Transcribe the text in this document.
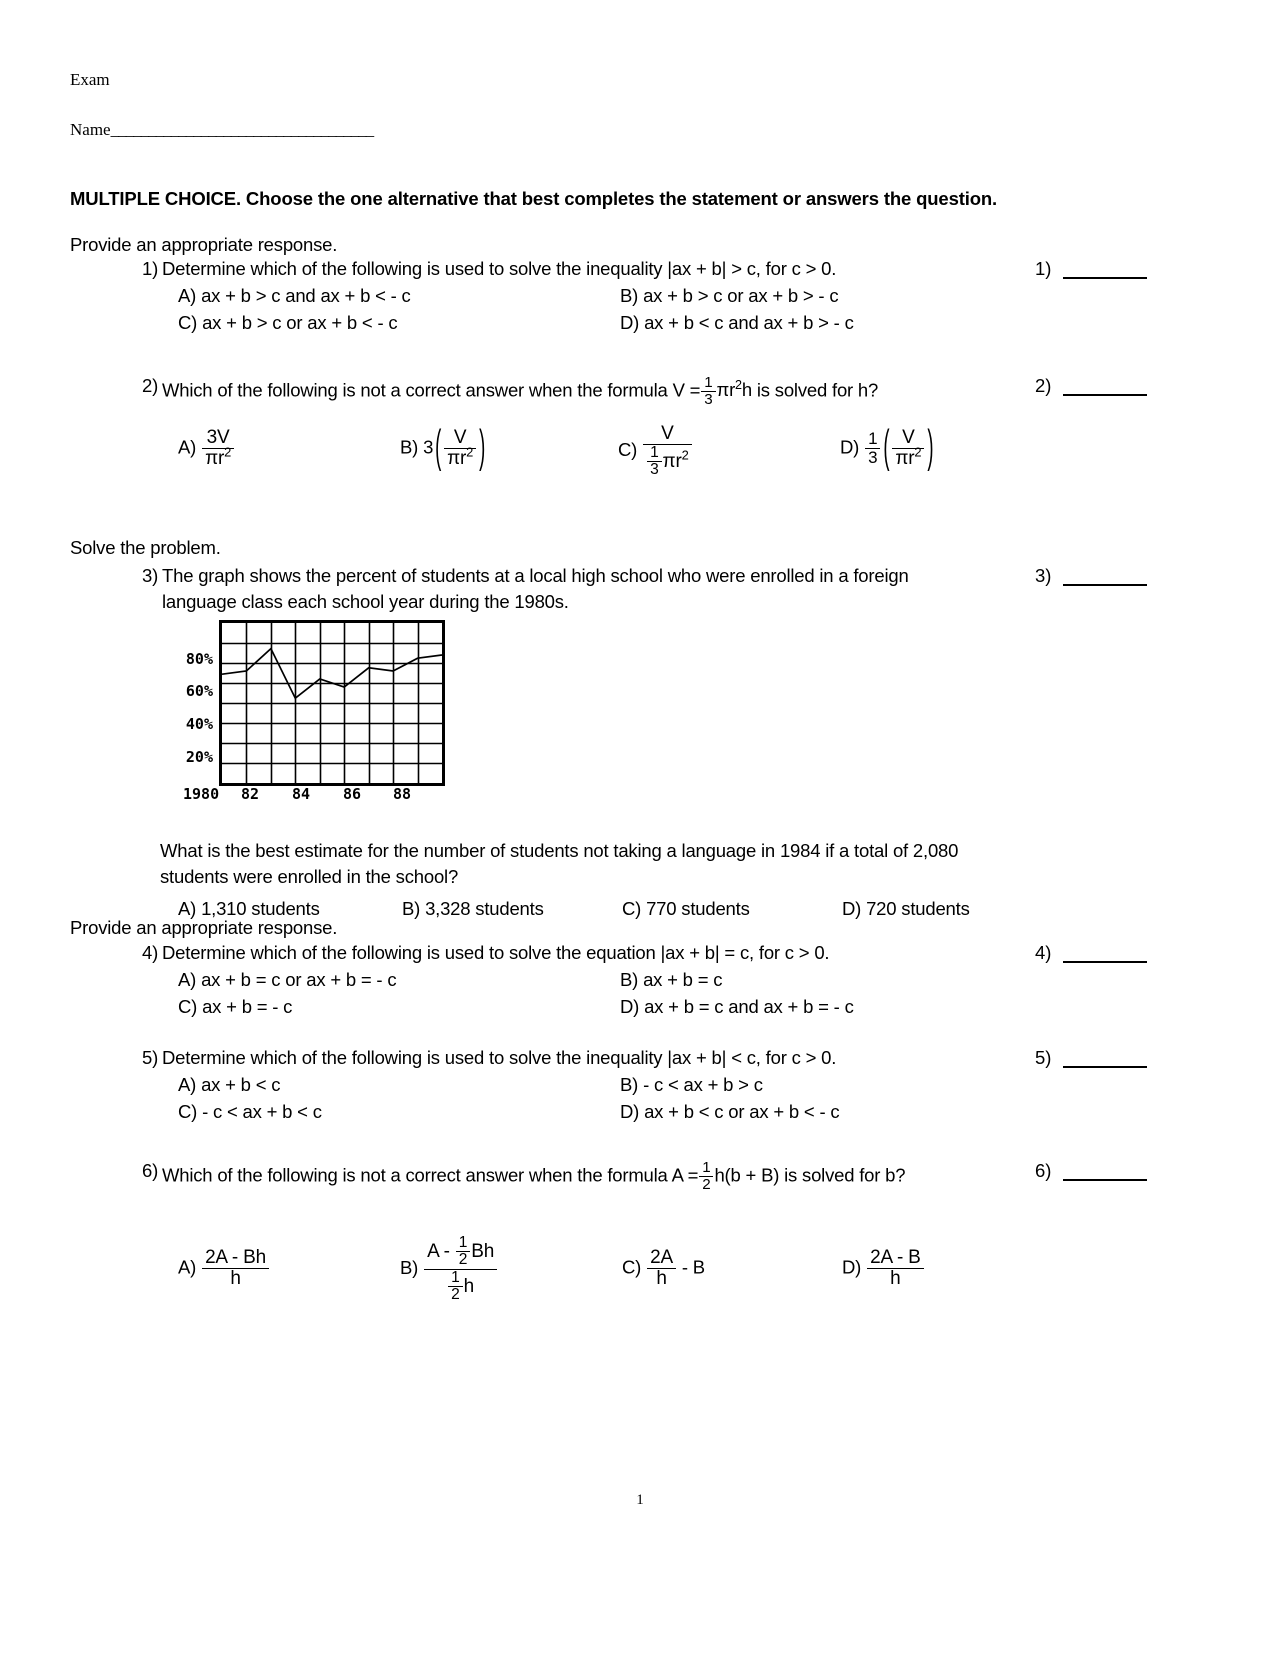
Exam
Name___________________________________
MULTIPLE CHOICE. Choose the one alternative that best completes the statement or answers the question.
Provide an appropriate response.
1) Determine which of the following is used to solve the inequality |ax + b| > c, for c > 0.
A) ax + b > c and ax + b < - c	B) ax + b > c or ax + b > - c
C) ax + b > c or ax + b < - c	D) ax + b < c and ax + b > - c
1)
2) Which of the following is not a correct answer when the formula $V = \frac{1}{3} \pi r^2h$ is solved for h?	2)
$A) \frac{3V}{\pi r^2}$	B) 3 ( $\frac{V}{\pi r^2}$ )	$C) \frac{V}{\frac{1}{3} \pi r^2}$	$D) \frac{1}{3}$ ( $\frac{V}{\pi r^2}$ )
Solve the problem.
3) The graph shows the percent of students at a local high school who were enrolled in a foreign
language class each school year during the 1980s.
3)
80%
60%
40%
20%
1980 82 84 86 88
What is the best estimate for the number of students not taking a language in 1984 if a total of 2,080
students were enrolled in the school?
A) 1,310 students	B) 3,328 students	C) 770 students	D) 720 students
Provide an appropriate response.
4) Determine which of the following is used to solve the equation |ax + b| = c, for c > 0.
A) ax + b = c or ax + b = - c	B) ax + b = c
C) ax + b = - c	D) ax + b = c and ax + b = - c
4)
5) Determine which of the following is used to solve the inequality |ax + b| < c, for c > 0.
A) ax + b < c	B) - c < ax + b > c
C) - c < ax + b < c	D) ax + b < c or ax + b < - c
5)
6) Which of the following is not a correct answer when the formula $A = \frac{1}{2} h(b + B)$ is solved for b?	6)
$A) \frac{2A - Bh}{h}$	$B) \frac{A - \frac{1}{2} Bh}{\frac{1}{2} h}$	$C) \frac{2A}{h}$ - B	$D) \frac{2A - B}{h}$
1
